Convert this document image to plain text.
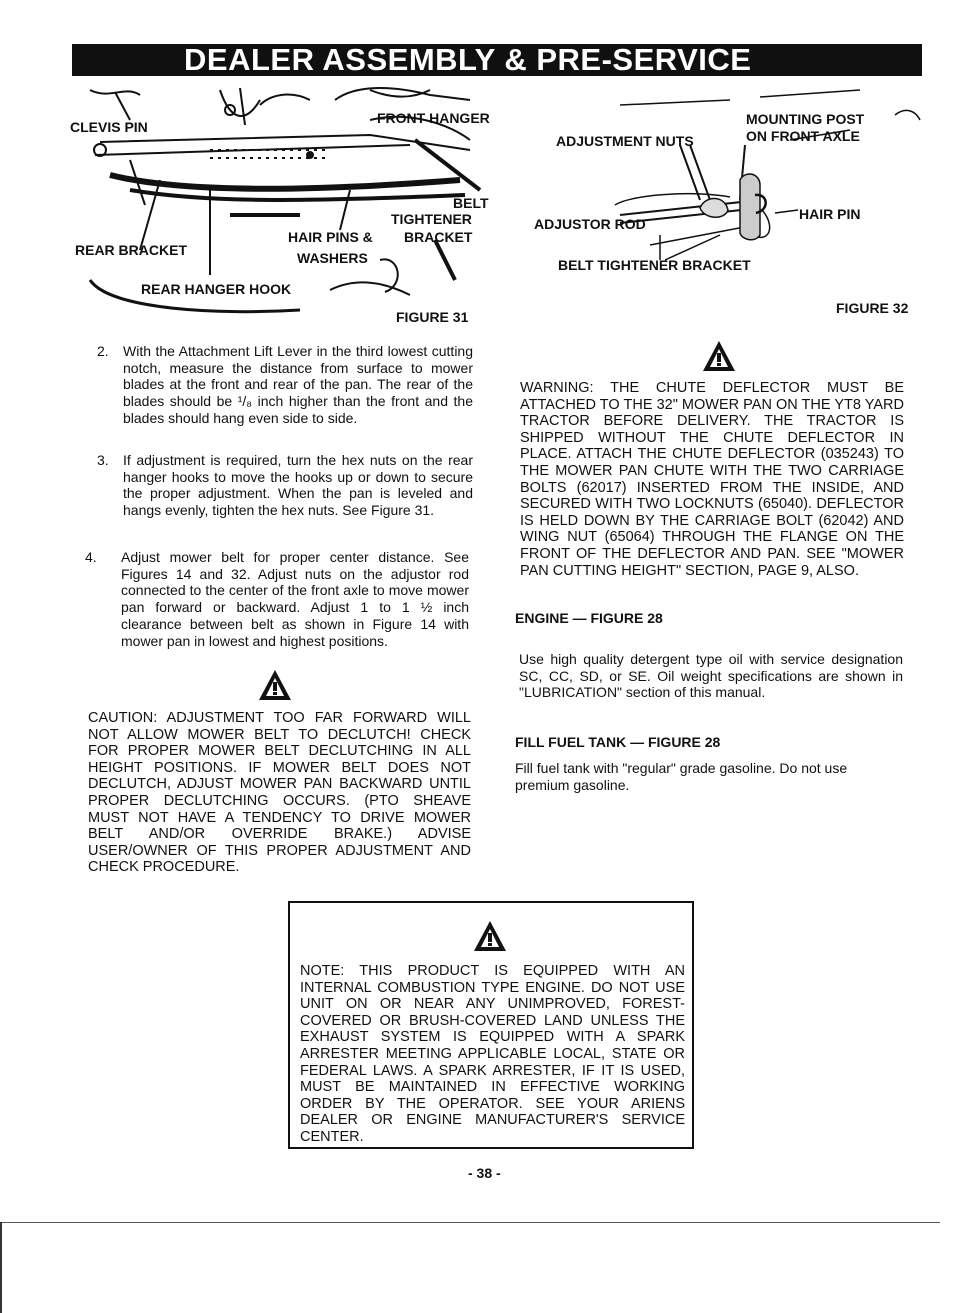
DEALER ASSEMBLY & PRE-SERVICE
CLEVIS PIN
FRONT HANGER
BELT
TIGHTENER
BRACKET
HAIR PINS &
WASHERS
REAR BRACKET
REAR HANGER HOOK
FIGURE 31
ADJUSTMENT NUTS
MOUNTING POST
ON FRONT AXLE
ADJUSTOR ROD
HAIR PIN
BELT TIGHTENER BRACKET
FIGURE 32
2. With the Attachment Lift Lever in the third lowest cutting notch, measure the distance from surface to mower blades at the front and rear of the pan. The rear of the blades should be ¹/₈ inch higher than the front and the blades should hang even side to side.
3. If adjustment is required, turn the hex nuts on the rear hanger hooks to move the hooks up or down to secure the proper adjustment. When the pan is leveled and hangs evenly, tighten the hex nuts. See Figure 31.
4. Adjust mower belt for proper center distance. See Figures 14 and 32. Adjust nuts on the adjustor rod connected to the center of the front axle to move mower pan forward or backward. Adjust 1 to 1 ½ inch clearance between belt as shown in Figure 14 with mower pan in lowest and highest positions.
CAUTION: ADJUSTMENT TOO FAR FORWARD WILL NOT ALLOW MOWER BELT TO DECLUTCH! CHECK FOR PROPER MOWER BELT DECLUTCHING IN ALL HEIGHT POSITIONS. IF MOWER BELT DOES NOT DECLUTCH, ADJUST MOWER PAN BACKWARD UNTIL PROPER DECLUTCHING OCCURS. (PTO SHEAVE MUST NOT HAVE A TENDENCY TO DRIVE MOWER BELT AND/OR OVERRIDE BRAKE.) ADVISE USER/OWNER OF THIS PROPER ADJUSTMENT AND CHECK PROCEDURE.
WARNING: THE CHUTE DEFLECTOR MUST BE ATTACHED TO THE 32" MOWER PAN ON THE YT8 YARD TRACTOR BEFORE DELIVERY. THE TRACTOR IS SHIPPED WITHOUT THE CHUTE DEFLECTOR IN PLACE. ATTACH THE CHUTE DEFLECTOR (035243) TO THE MOWER PAN CHUTE WITH THE TWO CARRIAGE BOLTS (62017) INSERTED FROM THE INSIDE, AND SECURED WITH TWO LOCKNUTS (65040). DEFLECTOR IS HELD DOWN BY THE CARRIAGE BOLT (62042) AND WING NUT (65064) THROUGH THE FLANGE ON THE FRONT OF THE DEFLECTOR AND PAN. SEE "MOWER PAN CUTTING HEIGHT" SECTION, PAGE 9, ALSO.
ENGINE — FIGURE 28
Use high quality detergent type oil with service designation SC, CC, SD, or SE. Oil weight specifications are shown in "LUBRICATION" section of this manual.
FILL FUEL TANK — FIGURE 28
Fill fuel tank with "regular" grade gasoline. Do not use premium gasoline.
NOTE: THIS PRODUCT IS EQUIPPED WITH AN INTERNAL COMBUSTION TYPE ENGINE. DO NOT USE UNIT ON OR NEAR ANY UNIMPROVED, FOREST-COVERED OR BRUSH-COVERED LAND UNLESS THE EXHAUST SYSTEM IS EQUIPPED WITH A SPARK ARRESTER MEETING APPLICABLE LOCAL, STATE OR FEDERAL LAWS. A SPARK ARRESTER, IF IT IS USED, MUST BE MAINTAINED IN EFFECTIVE WORKING ORDER BY THE OPERATOR. SEE YOUR ARIENS DEALER OR ENGINE MANUFACTURER'S SERVICE CENTER.
- 38 -
